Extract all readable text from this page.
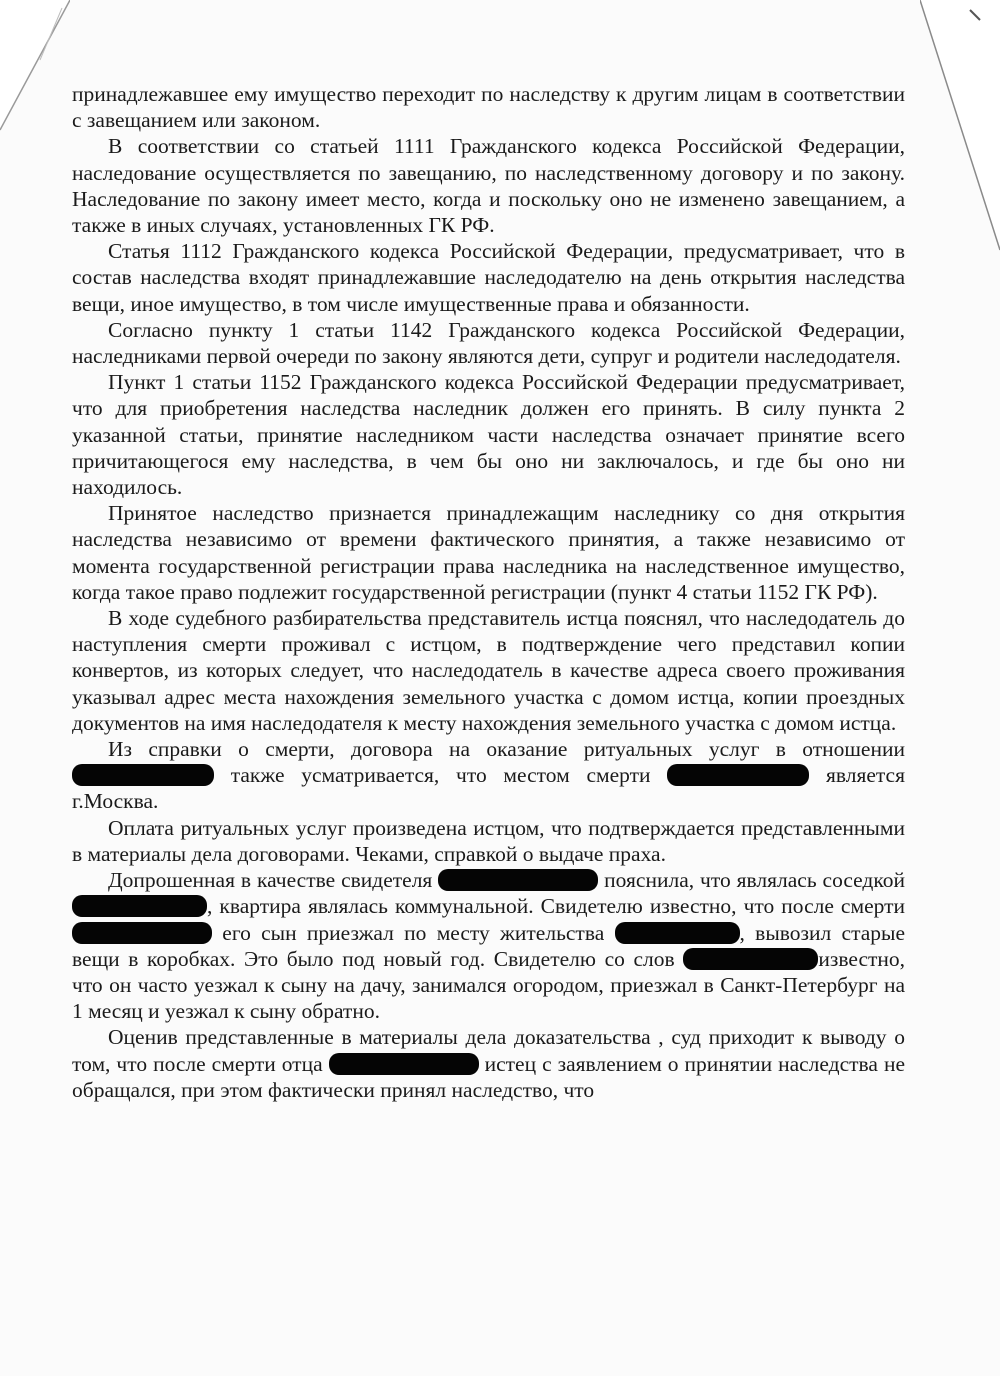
принадлежавшее ему имущество переходит по наследству к другим лицам в соответствии с завещанием или законом.

В соответствии со статьей 1111 Гражданского кодекса Российской Федерации, наследование осуществляется по завещанию, по наследственному договору и по закону. Наследование по закону имеет место, когда и поскольку оно не изменено завещанием, а также в иных случаях, установленных ГК РФ.

Статья 1112 Гражданского кодекса Российской Федерации, предусматривает, что в состав наследства входят принадлежавшие наследодателю на день открытия наследства вещи, иное имущество, в том числе имущественные права и обязанности.

Согласно пункту 1 статьи 1142 Гражданского кодекса Российской Федерации, наследниками первой очереди по закону являются дети, супруг и родители наследодателя.

Пункт 1 статьи 1152 Гражданского кодекса Российской Федерации предусматривает, что для приобретения наследства наследник должен его принять. В силу пункта 2 указанной статьи, принятие наследником части наследства означает принятие всего причитающегося ему наследства, в чем бы оно ни заключалось, и где бы оно ни находилось.

Принятое наследство признается принадлежащим наследнику со дня открытия наследства независимо от времени фактического принятия, а также независимо от момента государственной регистрации права наследника на наследственное имущество, когда такое право подлежит государственной регистрации (пункт 4 статьи 1152 ГК РФ).

В ходе судебного разбирательства представитель истца пояснял, что наследодатель до наступления смерти проживал с истцом, в подтверждение чего представил копии конвертов, из которых следует, что наследодатель в качестве адреса своего проживания указывал адрес места нахождения земельного участка с домом истца, копии проездных документов на имя наследодателя к месту нахождения земельного участка с домом истца.

Из справки о смерти, договора на оказание ритуальных услуг в отношении  также усматривается, что местом смерти	является г.Москва.

Оплата ритуальных услуг произведена истцом, что подтверждается представленными в материалы дела договорами. Чеками, справкой о выдаче праха.

Допрошенная в качестве свидетеля	пояснила, что являлась соседкой , квартира являлась коммунальной. Свидетелю известно, что после смерти  его сын приезжал по месту жительства	, вывозил старые вещи в коробках. Это было под новый год. Свидетелю со слов	известно, что он часто уезжал к сыну на дачу, занимался огородом, приезжал в Санкт-Петербург на 1 месяц и уезжал к сыну обратно.

Оценив представленные в материалы дела доказательства , суд приходит к выводу о том, что после смерти отца	истец с заявлением о принятии наследства не обращался, при этом фактически принял наследство, что
